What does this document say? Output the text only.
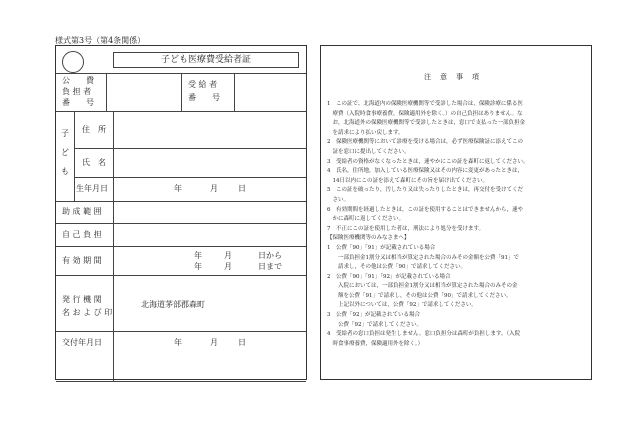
様式第3号（第4条関係）
子ども医療費受給者証
公　　費
負 担 者
番　　号
受 給 者
番　　号
子
ど
も
住　所
氏　名
生年月日	年	月	日
助 成 範 囲
自 己 負 担
有 効 期 間
年	月	日から
年	月	日まで
発 行 機 関
名 お よ び 印
北海道茅部郡森町
交付年月日	年	月	日
注意事項
1　この証で、北海道内の保険医療機関等で受診した場合は，保険診療に係る医
　療費（入院時食事療養費，保険適用外を除く。）の自己負担はありません。な
　お，北海道外の保険医療機関等で受診したときは，窓口で支払った一部負担金
　を請求により払い戻します。
2　保険医療機関等において診療を受ける場合は，必ず医療保険証に添えてこの
　証を窓口に提出してください。
3　受給者の資格がなくなったときは，速やかにこの証を森町に返してください。
4　氏名，住所地，加入している医療保険又はその内容に変更があったときは，
　14日以内にこの証を添えて森町にその旨を届け出てください。
5　この証を破ったり，汚したり又は失ったりしたときは，再交付を受けてくだ
　さい。
6　有効期間を経過したときは，この証を使用することはできませんから，速や
　かに森町に返してください。
7　不正にこの証を使用した者は，刑法により処分を受けます。
【保険医療機関等のみなさまへ】
1　公費「90」「91」が記載されている場合
　　一部負担金1割分又は相当が算定された場合のみその金額を公費「91」で
　　請求し，その他は公費「90」で請求してください。
2　公費「90」「91」「92」が記載されている場合
　　入院においては，一部負担金1割分又は相当が算定された場合のみその金
　　額を公費「91」で請求し，その他は公費「90」で請求してください。
　　上記以外については，公費「92」で請求してください。
3　公費「92」が記載されている場合
　　公費「92」で請求してください。
4　受給者の窓口負担は発生しません。窓口負担分は森町が負担します。（入院
　時食事療養費，保険適用外を除く。）
